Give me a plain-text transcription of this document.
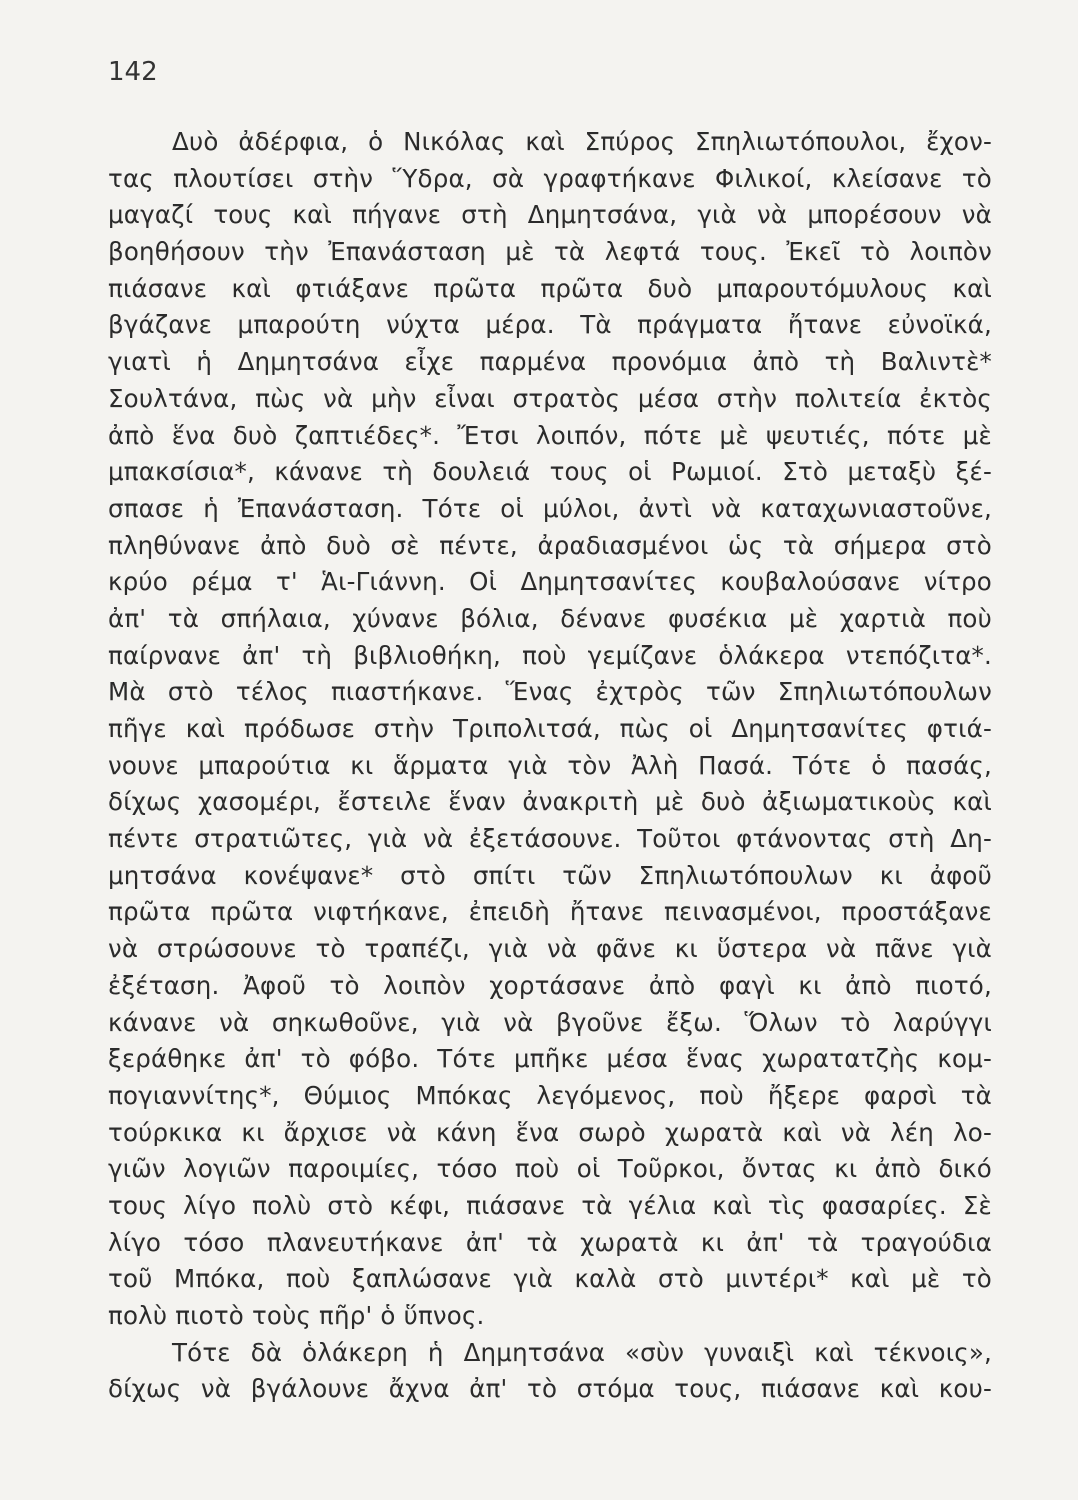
142
Δυὸ ἀδέρφια, ὁ Νικόλας καὶ Σπύρος Σπηλιωτόπουλοι, ἔχον-
τας πλουτίσει στὴν Ὕδρα, σὰ γραφτήκανε Φιλικοί, κλείσανε τὸ
μαγαζί τους καὶ πήγανε στὴ Δημητσάνα, γιὰ νὰ μπορέσουν νὰ
βοηθήσουν τὴν Ἐπανάσταση μὲ τὰ λεφτά τους. Ἐκεῖ τὸ λοιπὸν
πιάσανε καὶ φτιάξανε πρῶτα πρῶτα δυὸ μπαρουτόμυλους καὶ
βγάζανε μπαρούτη νύχτα μέρα. Τὰ πράγματα ἤτανε εὐνοϊκά,
γιατὶ ἡ Δημητσάνα εἶχε παρμένα προνόμια ἀπὸ τὴ Βαλιντὲ*
Σουλτάνα, πὼς νὰ μὴν εἶναι στρατὸς μέσα στὴν πολιτεία ἐκτὸς
ἀπὸ ἕνα δυὸ ζαπτιέδες*. Ἔτσι λοιπόν, πότε μὲ ψευτιές, πότε μὲ
μπακσίσια*, κάνανε τὴ δουλειά τους οἱ Ρωμιοί. Στὸ μεταξὺ ξέ-
σπασε ἡ Ἐπανάσταση. Τότε οἱ μύλοι, ἀντὶ νὰ καταχωνιαστοῦνε,
πληθύνανε ἀπὸ δυὸ σὲ πέντε, ἀραδιασμένοι ὡς τὰ σήμερα στὸ
κρύο ρέμα τ' Ἁι-Γιάννη. Οἱ Δημητσανίτες κουβαλούσανε νίτρο
ἀπ' τὰ σπήλαια, χύνανε βόλια, δένανε φυσέκια μὲ χαρτιὰ ποὺ
παίρνανε ἀπ' τὴ βιβλιοθήκη, ποὺ γεμίζανε ὁλάκερα ντεπόζιτα*.
Μὰ στὸ τέλος πιαστήκανε. Ἕνας ἐχτρὸς τῶν Σπηλιωτόπουλων
πῆγε καὶ πρόδωσε στὴν Τριπολιτσά, πὼς οἱ Δημητσανίτες φτιά-
νουνε μπαρούτια κι ἅρματα γιὰ τὸν Ἀλὴ Πασά. Τότε ὁ πασάς,
δίχως χασομέρι, ἔστειλε ἕναν ἀνακριτὴ μὲ δυὸ ἀξιωματικοὺς καὶ
πέντε στρατιῶτες, γιὰ νὰ ἐξετάσουνε. Τοῦτοι φτάνοντας στὴ Δη-
μητσάνα κονέψανε* στὸ σπίτι τῶν Σπηλιωτόπουλων κι ἀφοῦ
πρῶτα πρῶτα νιφτήκανε, ἐπειδὴ ἤτανε πεινασμένοι, προστάξανε
νὰ στρώσουνε τὸ τραπέζι, γιὰ νὰ φᾶνε κι ὕστερα νὰ πᾶνε γιὰ
ἐξέταση. Ἀφοῦ τὸ λοιπὸν χορτάσανε ἀπὸ φαγὶ κι ἀπὸ πιοτό,
κάνανε νὰ σηκωθοῦνε, γιὰ νὰ βγοῦνε ἔξω. Ὅλων τὸ λαρύγγι
ξεράθηκε ἀπ' τὸ φόβο. Τότε μπῆκε μέσα ἕνας χωρατατζὴς κομ-
πογιαννίτης*, Θύμιος Μπόκας λεγόμενος, ποὺ ἤξερε φαρσὶ τὰ
τούρκικα κι ἄρχισε νὰ κάνη ἕνα σωρὸ χωρατὰ καὶ νὰ λέη λο-
γιῶν λογιῶν παροιμίες, τόσο ποὺ οἱ Τοῦρκοι, ὄντας κι ἀπὸ δικό
τους λίγο πολὺ στὸ κέφι, πιάσανε τὰ γέλια καὶ τὶς φασαρίες. Σὲ
λίγο τόσο πλανευτήκανε ἀπ' τὰ χωρατὰ κι ἀπ' τὰ τραγούδια
τοῦ Μπόκα, ποὺ ξαπλώσανε γιὰ καλὰ στὸ μιντέρι* καὶ μὲ τὸ
πολὺ πιοτὸ τοὺς πῆρ' ὁ ὕπνος.
Τότε δὰ ὁλάκερη ἡ Δημητσάνα «σὺν γυναιξὶ καὶ τέκνοις»,
δίχως νὰ βγάλουνε ἄχνα ἀπ' τὸ στόμα τους, πιάσανε καὶ κου-
